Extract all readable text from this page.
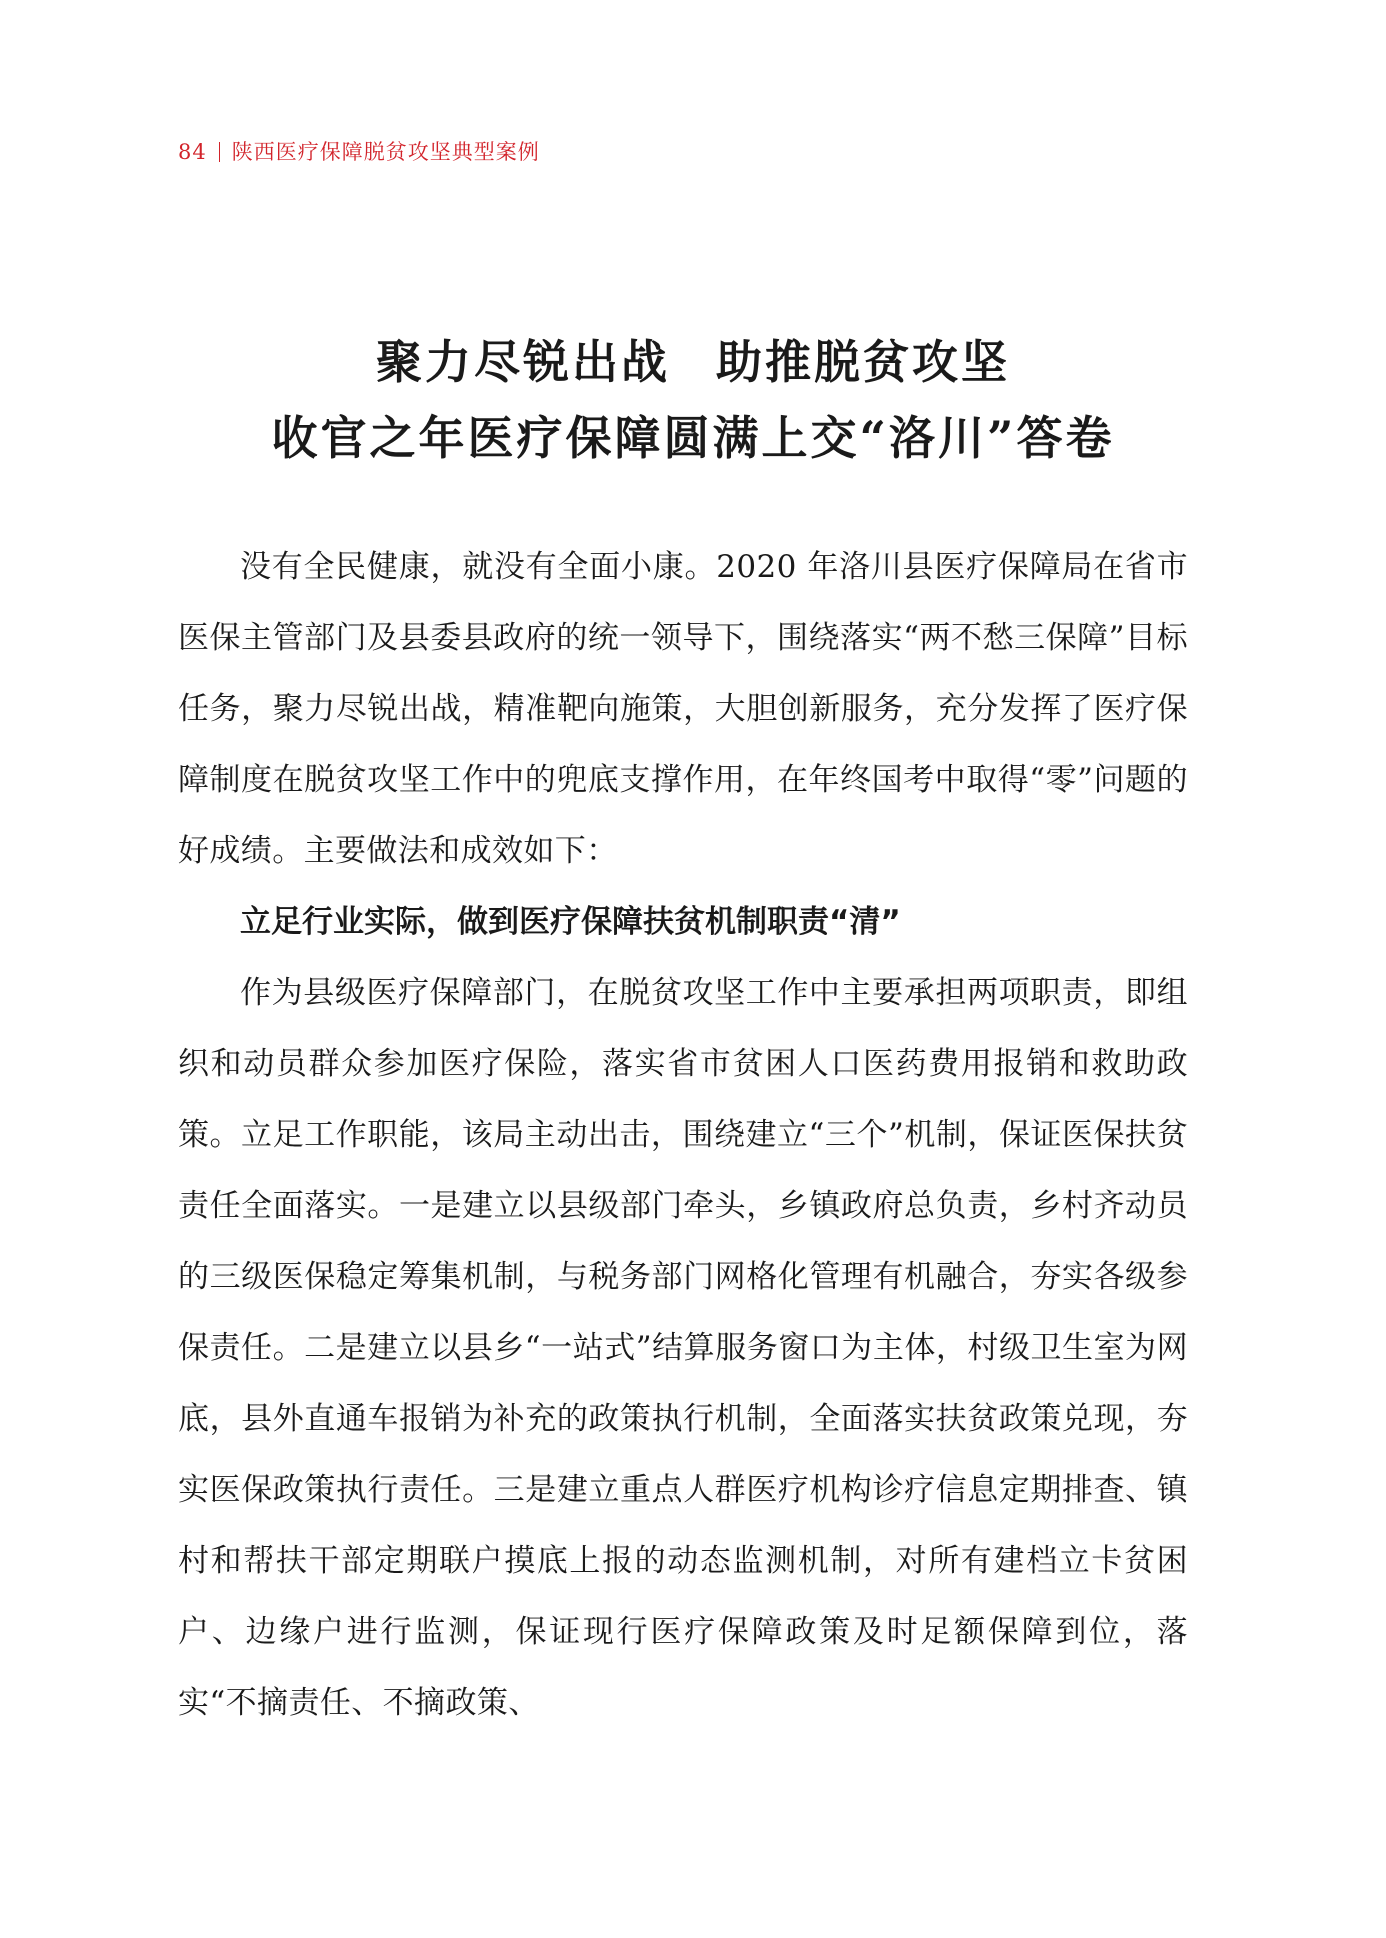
84 陕西医疗保障脱贫攻坚典型案例
聚力尽锐出战 助推脱贫攻坚
收官之年医疗保障圆满上交“洛川”答卷

没有全民健康，就没有全面小康。2020 年洛川县医疗保障局在省市医保主管部门及县委县政府的统一领导下，围绕落实“两不愁三保障”目标任务，聚力尽锐出战，精准靶向施策，大胆创新服务，充分发挥了医疗保障制度在脱贫攻坚工作中的兜底支撑作用，在年终国考中取得“零”问题的好成绩。主要做法和成效如下：

立足行业实际，做到医疗保障扶贫机制职责“清”

作为县级医疗保障部门，在脱贫攻坚工作中主要承担两项职责，即组织和动员群众参加医疗保险，落实省市贫困人口医药费用报销和救助政策。立足工作职能，该局主动出击，围绕建立“三个”机制，保证医保扶贫责任全面落实。一是建立以县级部门牵头，乡镇政府总负责，乡村齐动员的三级医保稳定筹集机制，与税务部门网格化管理有机融合，夯实各级参保责任。二是建立以县乡“一站式”结算服务窗口为主体，村级卫生室为网底，县外直通车报销为补充的政策执行机制，全面落实扶贫政策兑现，夯实医保政策执行责任。三是建立重点人群医疗机构诊疗信息定期排查、镇村和帮扶干部定期联户摸底上报的动态监测机制，对所有建档立卡贫困户、边缘户进行监测，保证现行医疗保障政策及时足额保障到位，落实“不摘责任、不摘政策、
